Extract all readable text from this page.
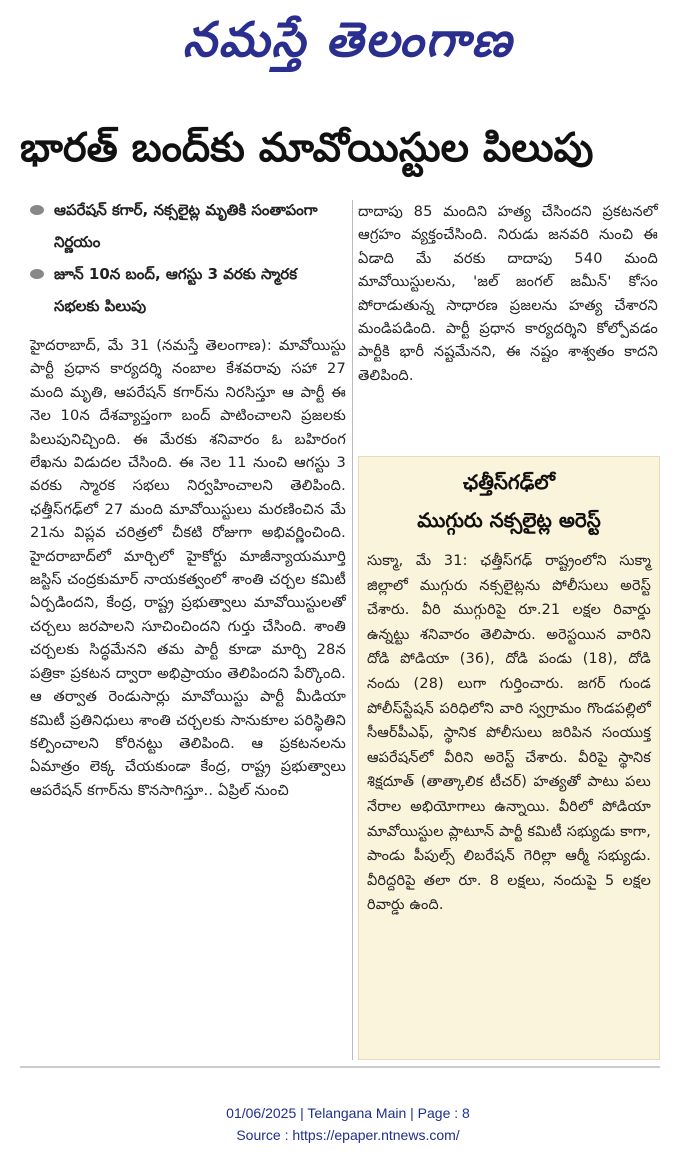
నమస్తే తెలంగాణ
భారత్ బంద్‌కు మావోయిస్టుల పిలుపు
ఆపరేషన్ కగార్, నక్సలైట్ల మృతికి సంతాపంగా నిర్ణయం
జూన్ 10న బంద్, ఆగస్టు 3 వరకు స్మారక సభలకు పిలుపు

హైదరాబాద్, మే 31 (నమస్తే తెలంగాణ): మావోయిస్టు పార్టీ ప్రధాన కార్యదర్శి నంబాల కేశవరావు సహా 27 మంది మృతి, ఆపరేషన్ కగార్‌ను నిరసిస్తూ ఆ పార్టీ ఈ నెల 10న దేశవ్యాప్తంగా బంద్ పాటించాలని ప్రజలకు పిలుపునిచ్చింది. ఈ మేరకు శనివారం ఓ బహిరంగ లేఖను విడుదల చేసింది. ఈ నెల 11 నుంచి ఆగస్టు 3 వరకు స్మారక సభలు నిర్వహించాలని తెలిపింది. ఛత్తీస్‌గఢ్‌లో 27 మంది మావోయిస్టులు మరణించిన మే 21ను విప్లవ చరిత్రలో చీకటి రోజుగా అభివర్ణించింది. హైదరాబాద్‌లో మార్చిలో హైకోర్టు మాజీన్యాయమూర్తి జస్టిస్ చంద్రకుమార్ నాయకత్వంలో శాంతి చర్చల కమిటీ ఏర్పడిందని, కేంద్ర, రాష్ట్ర ప్రభుత్వాలు మావోయిస్టులతో చర్చలు జరపాలని సూచించిందని గుర్తు చేసింది. శాంతి చర్చలకు సిద్ధమేనని తమ పార్టీ కూడా మార్చి 28న పత్రికా ప్రకటన ద్వారా అభిప్రాయం తెలిపిందని పేర్కొంది. ఆ తర్వాత రెండుసార్లు మావోయిస్టు పార్టీ మీడియా కమిటీ ప్రతినిధులు శాంతి చర్చలకు సానుకూల పరిస్థితిని కల్పించాలని కోరినట్టు తెలిపింది. ఆ ప్రకటనలను ఏమాత్రం లెక్క చేయకుండా కేంద్ర, రాష్ట్ర ప్రభుత్వాలు ఆపరేషన్ కగార్‌ను కొనసాగిస్తూ.. ఏప్రిల్ నుంచి

దాదాపు 85 మందిని హత్య చేసిందని ప్రకటనలో ఆగ్రహం వ్యక్తంచేసింది. నిరుడు జనవరి నుంచి ఈ ఏడాది మే వరకు దాదాపు 540 మంది మావోయిస్టులను, 'జల్ జంగల్ జమీన్' కోసం పోరాడుతున్న సాధారణ ప్రజలను హత్య చేశారని మండిపడింది. పార్టీ ప్రధాన కార్యదర్శిని కోల్పోవడం పార్టీకి భారీ నష్టమేనని, ఈ నష్టం శాశ్వతం కాదని తెలిపింది.

ఛత్తీస్‌గఢ్‌లో
ముగ్గురు నక్సలైట్ల అరెస్ట్

సుక్మా, మే 31: ఛత్తీస్‌గఢ్ రాష్ట్రంలోని సుక్మా జిల్లాలో ముగ్గురు నక్సలైట్లను పోలీసులు అరెస్ట్ చేశారు. వీరి ముగ్గురిపై రూ.21 లక్షల రివార్డు ఉన్నట్టు శనివారం తెలిపారు. అరెస్టయిన వారిని దోడి పోడియా (36), దోడి పండు (18), దోడి నందు (28) లుగా గుర్తించారు. జగర్ గుండ పోలీస్‌స్టేషన్ పరిధిలోని వారి స్వగ్రామం గొండపల్లిలో సీఆర్‌పీఎఫ్, స్థానిక పోలీసులు జరిపిన సంయుక్త ఆపరేషన్‌లో వీరిని అరెస్ట్ చేశారు. వీరిపై స్థానిక శిక్షదూత్ (తాత్కాలిక టీచర్) హత్యతో పాటు పలు నేరాల అభియోగాలు ఉన్నాయి. వీరిలో పోడియా మావోయిస్టుల ప్లాటూన్ పార్టీ కమిటీ సభ్యుడు కాగా, పాండు పీపుల్స్ లిబరేషన్ గెరిల్లా ఆర్మీ సభ్యుడు. వీరిద్దరిపై తలా రూ. 8 లక్షలు, నందుపై 5 లక్షల రివార్డు ఉంది.

01/06/2025 | Telangana Main | Page : 8
Source : https://epaper.ntnews.com/
